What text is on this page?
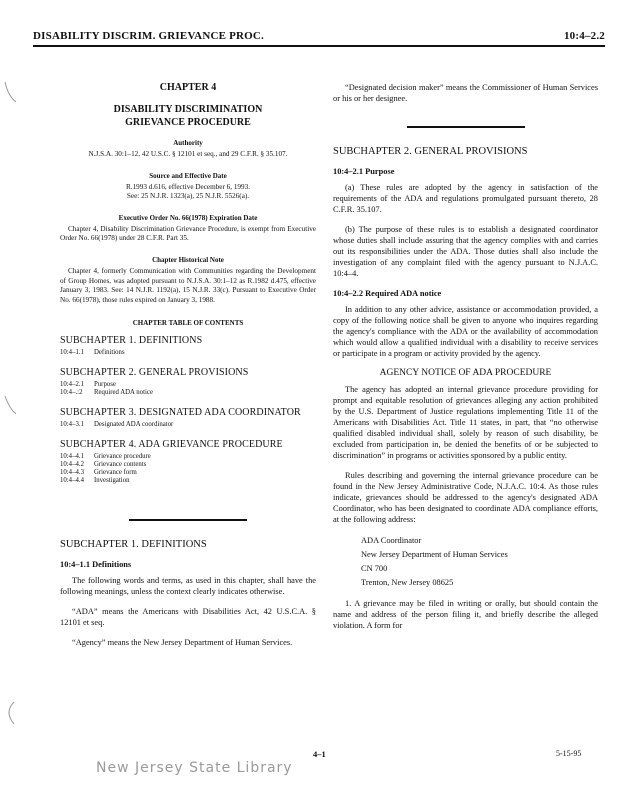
DISABILITY DISCRIM. GRIEVANCE PROC.	10:4–2.2
CHAPTER 4
DISABILITY DISCRIMINATION
GRIEVANCE PROCEDURE
Authority
N.J.S.A. 30:1–12, 42 U.S.C. § 12101 et seq., and 29 C.F.R. § 35.107.
Source and Effective Date
R.1993 d.616, effective December 6, 1993.
See: 25 N.J.R. 1323(a), 25 N.J.R. 5526(a).
Executive Order No. 66(1978) Expiration Date

Chapter 4, Disability Discrimination Grievance Procedure, is exempt from Executive Order No. 66(1978) under 28 C.F.R. Part 35.

Chapter Historical Note

Chapter 4, formerly Communication with Communities regarding the Development of Group Homes, was adopted pursuant to N.J.S.A. 30:1–12 as R.1982 d.475, effective January 3, 1983. See: 14 N.J.R. 1192(a), 15 N.J.R. 33(c). Pursuant to Executive Order No. 66(1978), those rules expired on January 3, 1988.

CHAPTER TABLE OF CONTENTS
SUBCHAPTER 1. DEFINITIONS
10:4–1.1	Definitions
SUBCHAPTER 2. GENERAL PROVISIONS
10:4–2.1	Purpose
10:4–.:2	Required ADA notice
SUBCHAPTER 3. DESIGNATED ADA COORDINATOR
10:4–3.1	Designated ADA coordinator
SUBCHAPTER 4. ADA GRIEVANCE PROCEDURE
10:4–4.1	Grievance procedure
10:4–4.2	Grievance contents
10:4–4.3	Grievance form
10:4–4.4	Investigation
SUBCHAPTER 1. DEFINITIONS
10:4–1.1 Definitions

The following words and terms, as used in this chapter, shall have the following meanings, unless the context clearly indicates otherwise.

“ADA” means the Americans with Disabilities Act, 42 U.S.C.A. § 12101 et seq.

“Agency” means the New Jersey Department of Human Services.

“Designated decision maker” means the Commissioner of Human Services or his or her designee.

SUBCHAPTER 2. GENERAL PROVISIONS
10:4–2.1 Purpose

(a) These rules are adopted by the agency in satisfaction of the requirements of the ADA and regulations promulgated pursuant thereto, 28 C.F.R. 35.107.

(b) The purpose of these rules is to establish a designated coordinator whose duties shall include assuring that the agency complies with and carries out its responsibilities under the ADA. Those duties shall also include the investigation of any complaint filed with the agency pursuant to N.J.A.C. 10:4–4.

10:4–2.2 Required ADA notice

In addition to any other advice, assistance or accommodation provided, a copy of the following notice shall be given to anyone who inquires regarding the agency's compliance with the ADA or the availability of accommodation which would allow a qualified individual with a disability to receive services or participate in a program or activity provided by the agency.

AGENCY NOTICE OF ADA PROCEDURE

The agency has adopted an internal grievance procedure providing for prompt and equitable resolution of grievances alleging any action prohibited by the U.S. Department of Justice regulations implementing Title 11 of the Americans with Disabilities Act. Title 11 states, in part, that “no otherwise qualified disabled individual shall, solely by reason of such disability, be excluded from participation in, be denied the benefits of or be subjected to discrimination” in programs or activities sponsored by a public entity.

Rules describing and governing the internal grievance procedure can be found in the New Jersey Administrative Code, N.J.A.C. 10:4. As those rules indicate, grievances should be addressed to the agency's designated ADA Coordinator, who has been designated to coordinate ADA compliance efforts, at the following address:

ADA Coordinator
New Jersey Department of Human Services
CN 700
Trenton, New Jersey 08625

1. A grievance may be filed in writing or orally, but should contain the name and address of the person filing it, and briefly describe the alleged violation. A form for

4–1	5-15-95
New Jersey State Library
